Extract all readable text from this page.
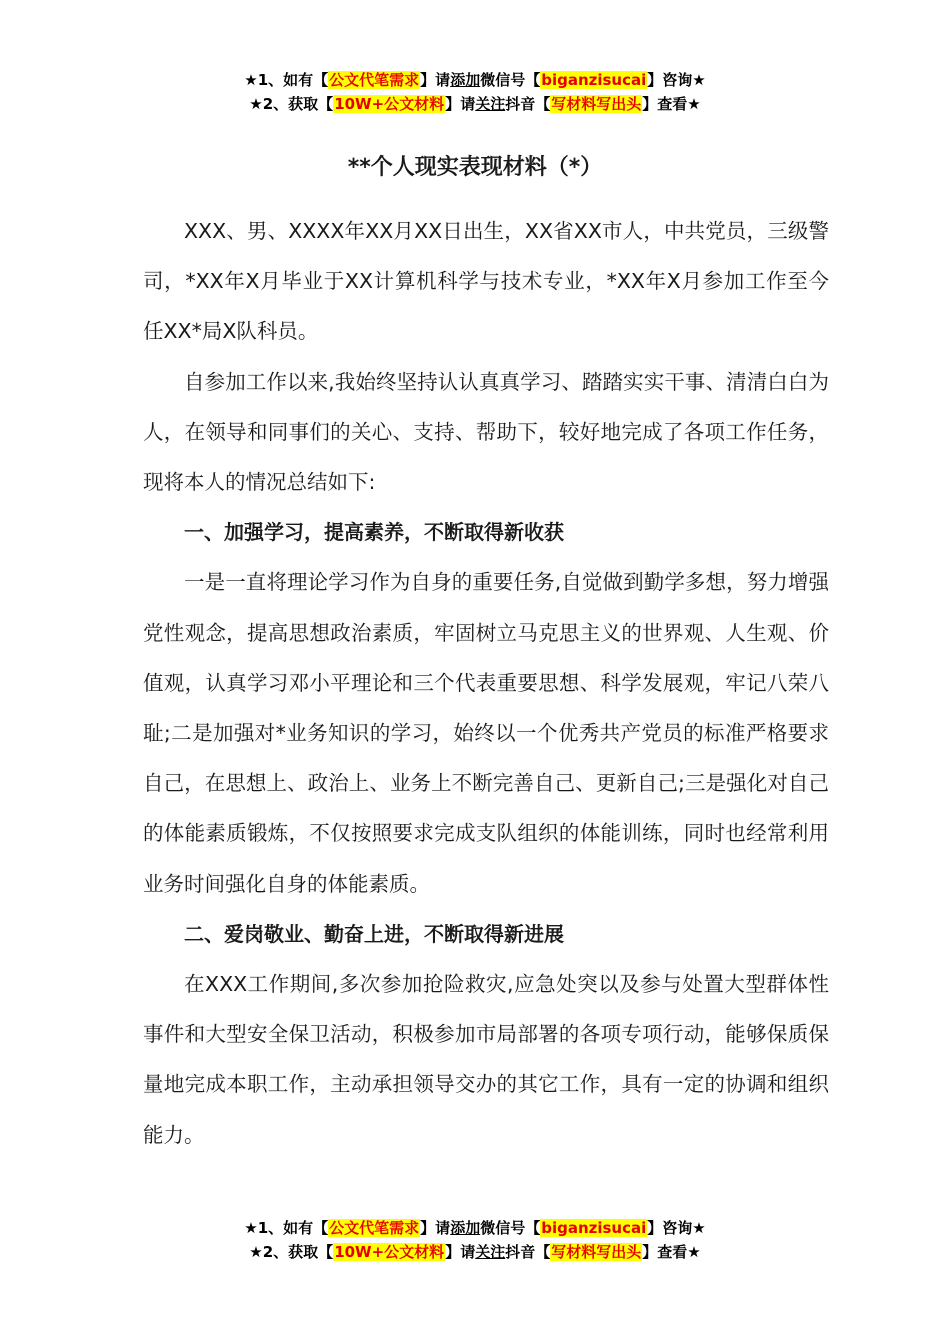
★1、如有【公文代笔需求】请添加微信号【biganzisucai】咨询★
★2、获取【10W+公文材料】请关注抖音【写材料写出头】查看★
**个人现实表现材料（*）

XXX、男、XXXX年XX月XX日出生，XX省XX市人，中共党员，三级警司，*XX年X月毕业于XX计算机科学与技术专业，*XX年X月参加工作至今任XX*局X队科员。

自参加工作以来,我始终坚持认认真真学习、踏踏实实干事、清清白白为人，在领导和同事们的关心、支持、帮助下，较好地完成了各项工作任务，现将本人的情况总结如下:

一、加强学习，提高素养，不断取得新收获

一是一直将理论学习作为自身的重要任务,自觉做到勤学多想，努力增强党性观念，提高思想政治素质，牢固树立马克思主义的世界观、人生观、价值观，认真学习邓小平理论和三个代表重要思想、科学发展观，牢记八荣八耻;二是加强对*业务知识的学习，始终以一个优秀共产党员的标准严格要求自己，在思想上、政治上、业务上不断完善自己、更新自己;三是强化对自己的体能素质锻炼，不仅按照要求完成支队组织的体能训练，同时也经常利用业务时间强化自身的体能素质。

二、爱岗敬业、勤奋上进，不断取得新进展

在XXX工作期间,多次参加抢险救灾,应急处突以及参与处置大型群体性事件和大型安全保卫活动，积极参加市局部署的各项专项行动，能够保质保量地完成本职工作，主动承担领导交办的其它工作，具有一定的协调和组织能力。

★1、如有【公文代笔需求】请添加微信号【biganzisucai】咨询★
★2、获取【10W+公文材料】请关注抖音【写材料写出头】查看★
